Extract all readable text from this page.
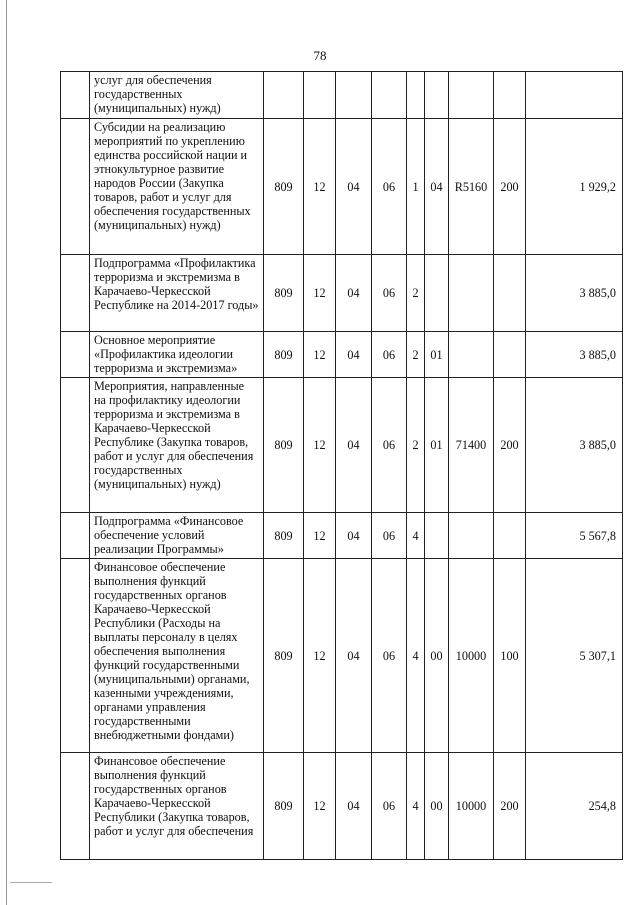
78
	услуг для обеспечения государственных (муниципальных) нужд)									
	Субсидии на реализацию мероприятий по укреплению единства российской нации и этнокультурное развитие народов России (Закупка товаров, работ и услуг для обеспечения государственных (муниципальных) нужд)	809	12	04	06	1	04	R5160	200	1 929,2
	Подпрограмма «Профилактика терроризма и экстремизма в Карачаево-Черкесской Республике на 2014-2017 годы»	809	12	04	06	2				3 885,0
	Основное мероприятие «Профилактика идеологии терроризма и экстремизма»	809	12	04	06	2	01			3 885,0
	Мероприятия, направленные на профилактику идеологии терроризма и экстремизма в Карачаево-Черкесской Республике (Закупка товаров, работ и услуг для обеспечения государственных (муниципальных) нужд)	809	12	04	06	2	01	71400	200	3 885,0
	Подпрограмма «Финансовое обеспечение условий реализации Программы»	809	12	04	06	4				5 567,8
	Финансовое обеспечение выполнения функций государственных органов Карачаево-Черкесской Республики (Расходы на выплаты персоналу в целях обеспечения выполнения функций государственными (муниципальными) органами, казенными учреждениями, органами управления государственными внебюджетными фондами)	809	12	04	06	4	00	10000	100	5 307,1
	Финансовое обеспечение выполнения функций государственных органов Карачаево-Черкесской Республики (Закупка товаров, работ и услуг для обеспечения	809	12	04	06	4	00	10000	200	254,8
